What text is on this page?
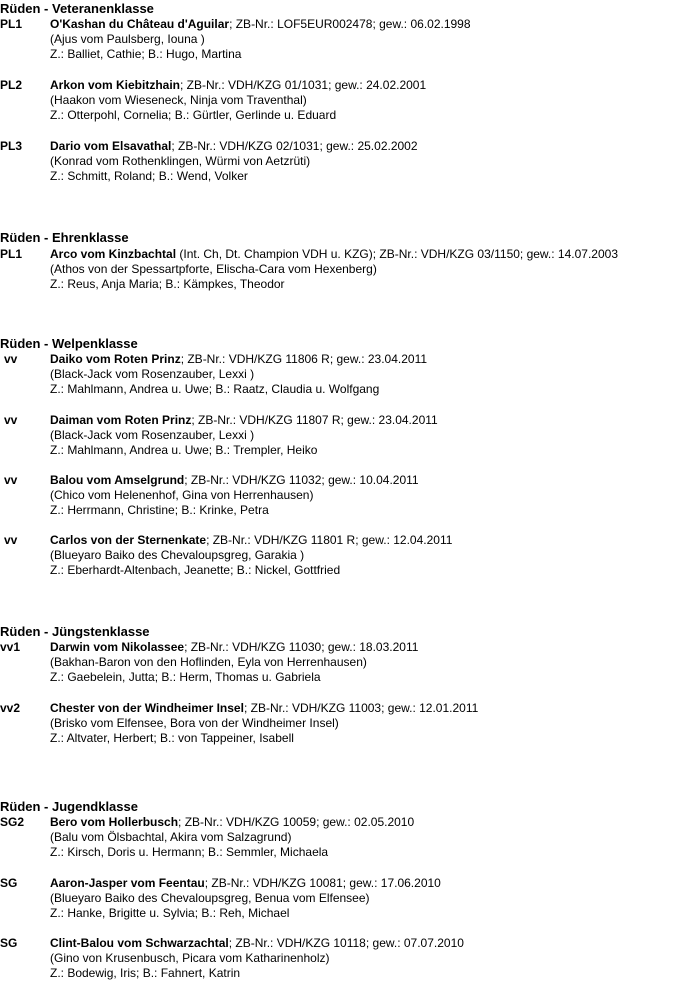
Rüden - Veteranenklasse
PL1 O'Kashan du Château d'Aguilar; ZB-Nr.: LOF5EUR002478; gew.: 06.02.1998
(Ajus vom Paulsberg, Iouna )
Z.: Balliet, Cathie; B.: Hugo, Martina
PL2 Arkon vom Kiebitzhain; ZB-Nr.: VDH/KZG 01/1031; gew.: 24.02.2001
(Haakon vom Wieseneck, Ninja vom Traventhal)
Z.: Otterpohl, Cornelia; B.: Gürtler, Gerlinde u. Eduard
PL3 Dario vom Elsavathal; ZB-Nr.: VDH/KZG 02/1031; gew.: 25.02.2002
(Konrad vom Rothenklingen, Würmi von Aetzrüti)
Z.: Schmitt, Roland; B.: Wend, Volker
Rüden - Ehrenklasse
PL1 Arco vom Kinzbachtal (Int. Ch, Dt. Champion VDH u. KZG); ZB-Nr.: VDH/KZG 03/1150; gew.: 14.07.2003
(Athos von der Spessartpforte, Elischa-Cara vom Hexenberg)
Z.: Reus, Anja Maria; B.: Kämpkes, Theodor
Rüden - Welpenklasse
vv	Daiko vom Roten Prinz; ZB-Nr.: VDH/KZG 11806 R; gew.: 23.04.2011
(Black-Jack vom Rosenzauber, Lexxi )
Z.: Mahlmann, Andrea u. Uwe; B.: Raatz, Claudia u. Wolfgang
vv	Daiman vom Roten Prinz; ZB-Nr.: VDH/KZG 11807 R; gew.: 23.04.2011
(Black-Jack vom Rosenzauber, Lexxi )
Z.: Mahlmann, Andrea u. Uwe; B.: Trempler, Heiko
vv	Balou vom Amselgrund; ZB-Nr.: VDH/KZG 11032; gew.: 10.04.2011
(Chico vom Helenenhof, Gina von Herrenhausen)
Z.: Herrmann, Christine; B.: Krinke, Petra
vv	Carlos von der Sternenkate; ZB-Nr.: VDH/KZG 11801 R; gew.: 12.04.2011
(Blueyaro Baiko des Chevaloupsgreg, Garakia )
Z.: Eberhardt-Altenbach, Jeanette; B.: Nickel, Gottfried
Rüden - Jüngstenklasse
vv1 Darwin vom Nikolassee; ZB-Nr.: VDH/KZG 11030; gew.: 18.03.2011
(Bakhan-Baron von den Hoflinden, Eyla von Herrenhausen)
Z.: Gaebelein, Jutta; B.: Herm, Thomas u. Gabriela
vv2 Chester von der Windheimer Insel; ZB-Nr.: VDH/KZG 11003; gew.: 12.01.2011
(Brisko vom Elfensee, Bora von der Windheimer Insel)
Z.: Altvater, Herbert; B.: von Tappeiner, Isabell
Rüden - Jugendklasse
SG2 Bero vom Hollerbusch; ZB-Nr.: VDH/KZG 10059; gew.: 02.05.2010
(Balu vom Ölsbachtal, Akira vom Salzagrund)
Z.: Kirsch, Doris u. Hermann; B.: Semmler, Michaela
SG	Aaron-Jasper vom Feentau; ZB-Nr.: VDH/KZG 10081; gew.: 17.06.2010
(Blueyaro Baiko des Chevaloupsgreg, Benua vom Elfensee)
Z.: Hanke, Brigitte u. Sylvia; B.: Reh, Michael
SG	Clint-Balou vom Schwarzachtal; ZB-Nr.: VDH/KZG 10118; gew.: 07.07.2010
(Gino von Krusenbusch, Picara vom Katharinenholz)
Z.: Bodewig, Iris; B.: Fahnert, Katrin
